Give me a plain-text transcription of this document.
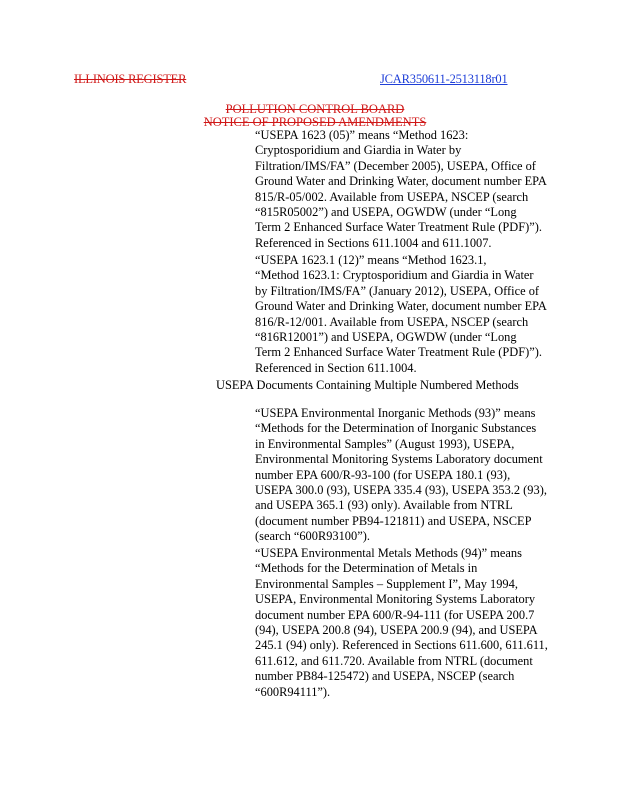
ILLINOIS REGISTER	JCAR350611-2513118r01
POLLUTION CONTROL BOARD
NOTICE OF PROPOSED AMENDMENTS
“USEPA 1623 (05)” means “Method 1623:
Cryptosporidium and Giardia in Water by
Filtration/IMS/FA” (December 2005), USEPA, Office of
Ground Water and Drinking Water, document number EPA
815/R-05/002. Available from USEPA, NSCEP (search
“815R05002”) and USEPA, OGWDW (under “Long
Term 2 Enhanced Surface Water Treatment Rule (PDF)”).
Referenced in Sections 611.1004 and 611.1007.
“USEPA 1623.1 (12)” means “Method 1623.1,
“Method 1623.1: Cryptosporidium and Giardia in Water
by Filtration/IMS/FA” (January 2012), USEPA, Office of
Ground Water and Drinking Water, document number EPA
816/R-12/001. Available from USEPA, NSCEP (search
“816R12001”) and USEPA, OGWDW (under “Long
Term 2 Enhanced Surface Water Treatment Rule (PDF)”).
Referenced in Section 611.1004.
USEPA Documents Containing Multiple Numbered Methods
“USEPA Environmental Inorganic Methods (93)” means
“Methods for the Determination of Inorganic Substances
in Environmental Samples” (August 1993), USEPA,
Environmental Monitoring Systems Laboratory document
number EPA 600/R-93-100 (for USEPA 180.1 (93),
USEPA 300.0 (93), USEPA 335.4 (93), USEPA 353.2 (93),
and USEPA 365.1 (93) only). Available from NTRL
(document number PB94-121811) and USEPA, NSCEP
(search “600R93100”).
“USEPA Environmental Metals Methods (94)” means
“Methods for the Determination of Metals in
Environmental Samples – Supplement I”, May 1994,
USEPA, Environmental Monitoring Systems Laboratory
document number EPA 600/R-94-111 (for USEPA 200.7
(94), USEPA 200.8 (94), USEPA 200.9 (94), and USEPA
245.1 (94) only). Referenced in Sections 611.600, 611.611,
611.612, and 611.720. Available from NTRL (document
number PB84-125472) and USEPA, NSCEP (search
“600R94111”).
